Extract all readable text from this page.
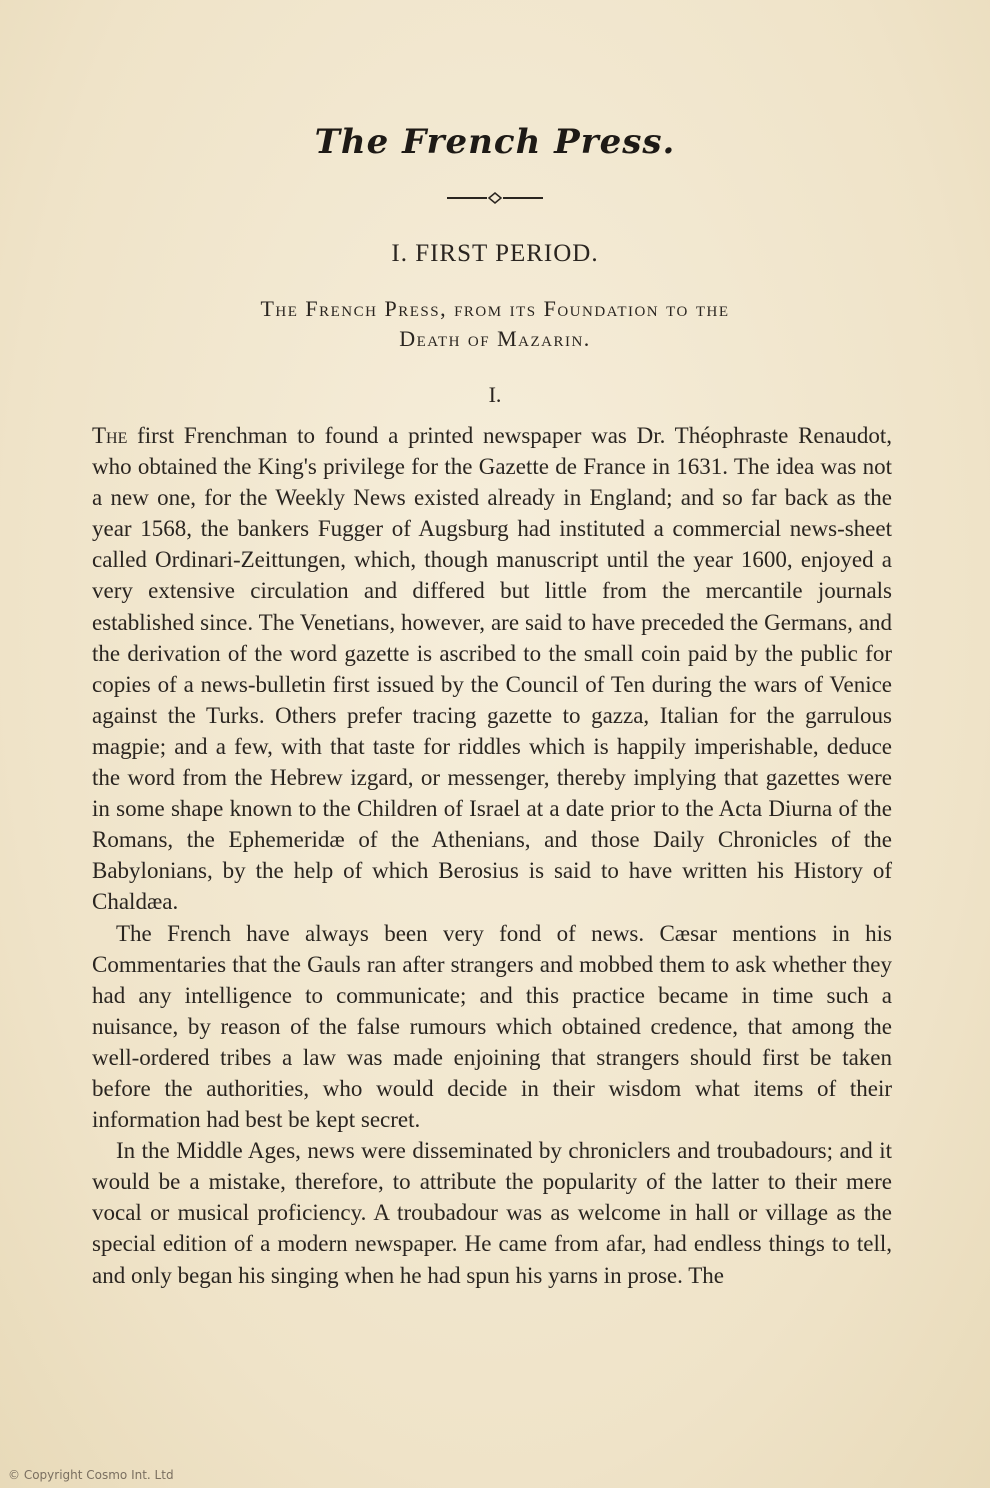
The French Press.
I. FIRST PERIOD.
The French Press, from its Foundation to the
Death of Mazarin.
I.

The first Frenchman to found a printed newspaper was Dr. Théophraste Renaudot, who obtained the King's privilege for the Gazette de France in 1631. The idea was not a new one, for the Weekly News existed already in England; and so far back as the year 1568, the bankers Fugger of Augsburg had instituted a commercial news-sheet called Ordinari-Zeittungen, which, though manuscript until the year 1600, enjoyed a very extensive circulation and differed but little from the mercantile journals established since. The Venetians, however, are said to have preceded the Germans, and the derivation of the word gazette is ascribed to the small coin paid by the public for copies of a news-bulletin first issued by the Council of Ten during the wars of Venice against the Turks. Others prefer tracing gazette to gazza, Italian for the garrulous magpie; and a few, with that taste for riddles which is happily imperishable, deduce the word from the Hebrew izgard, or messenger, thereby implying that gazettes were in some shape known to the Children of Israel at a date prior to the Acta Diurna of the Romans, the Ephemeridæ of the Athenians, and those Daily Chronicles of the Babylonians, by the help of which Berosius is said to have written his History of Chaldæa.

The French have always been very fond of news. Cæsar mentions in his Commentaries that the Gauls ran after strangers and mobbed them to ask whether they had any intelligence to communicate; and this practice became in time such a nuisance, by reason of the false rumours which obtained credence, that among the well-ordered tribes a law was made enjoining that strangers should first be taken before the authorities, who would decide in their wisdom what items of their information had best be kept secret.

In the Middle Ages, news were disseminated by chroniclers and troubadours; and it would be a mistake, therefore, to attribute the popularity of the latter to their mere vocal or musical proficiency. A troubadour was as welcome in hall or village as the special edition of a modern newspaper. He came from afar, had endless things to tell, and only began his singing when he had spun his yarns in prose. The

© Copyright Cosmo Int. Ltd
